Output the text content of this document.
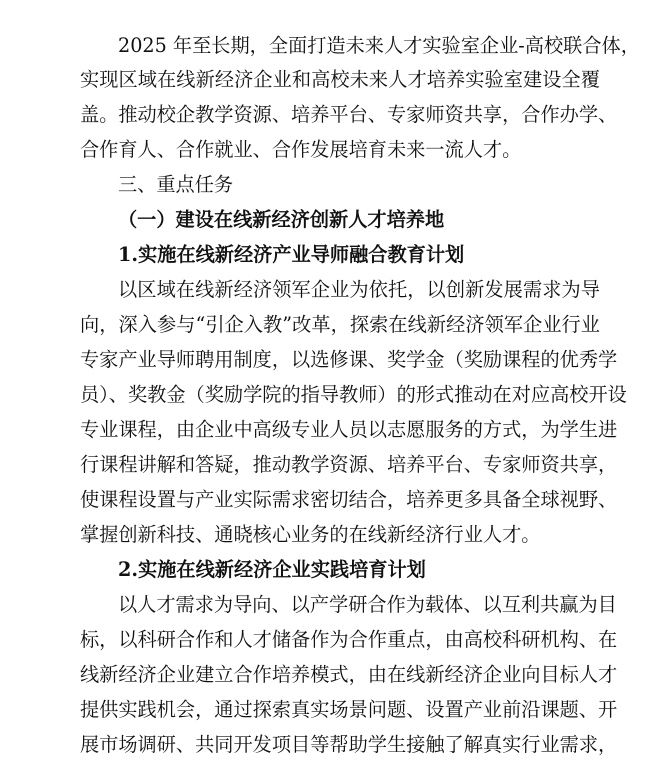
2025 年至长期，全面打造未来人才实验室企业-高校联合体，
实现区域在线新经济企业和高校未来人才培养实验室建设全覆
盖。推动校企教学资源、培养平台、专家师资共享，合作办学、
合作育人、合作就业、合作发展培育未来一流人才。
三、重点任务
（一）建设在线新经济创新人才培养地
1.实施在线新经济产业导师融合教育计划
以区域在线新经济领军企业为依托，以创新发展需求为导
向，深入参与“引企入教”改革，探索在线新经济领军企业行业
专家产业导师聘用制度，以选修课、奖学金（奖励课程的优秀学
员）、奖教金（奖励学院的指导教师）的形式推动在对应高校开设
专业课程，由企业中高级专业人员以志愿服务的方式，为学生进
行课程讲解和答疑，推动教学资源、培养平台、专家师资共享，
使课程设置与产业实际需求密切结合，培养更多具备全球视野、
掌握创新科技、通晓核心业务的在线新经济行业人才。
2.实施在线新经济企业实践培育计划
以人才需求为导向、以产学研合作为载体、以互利共赢为目
标，以科研合作和人才储备作为合作重点，由高校科研机构、在
线新经济企业建立合作培养模式，由在线新经济企业向目标人才
提供实践机会，通过探索真实场景问题、设置产业前沿课题、开
展市场调研、共同开发项目等帮助学生接触了解真实行业需求，
